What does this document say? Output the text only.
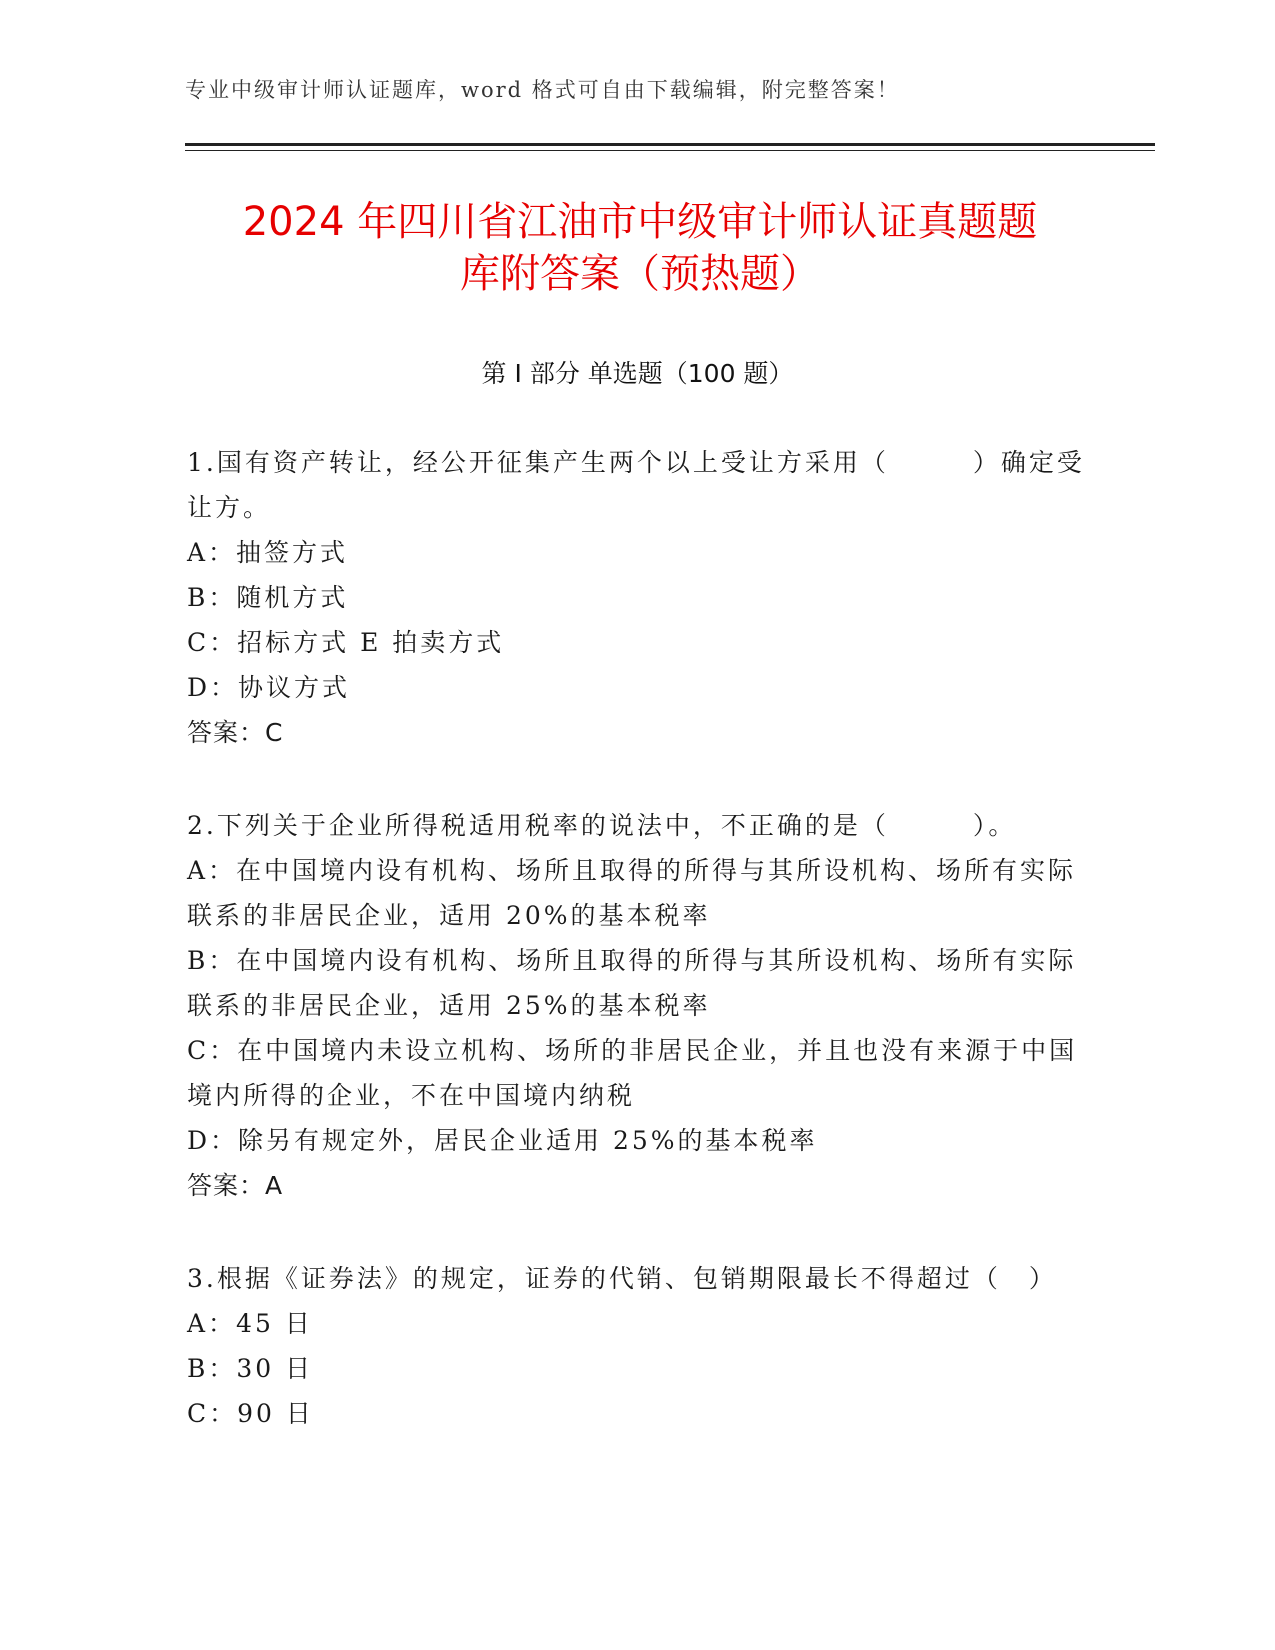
专业中级审计师认证题库，word 格式可自由下载编辑，附完整答案！
2024 年四川省江油市中级审计师认证真题题
库附答案（预热题）
第 I 部分 单选题（100 题）

1.国有资产转让，经公开征集产生两个以上受让方采用（　　　）确定受让方。

A：抽签方式

B：随机方式

C：招标方式 E 拍卖方式

D：协议方式

答案：C

2.下列关于企业所得税适用税率的说法中，不正确的是（　　　）。

A：在中国境内设有机构、场所且取得的所得与其所设机构、场所有实际联系的非居民企业，适用 20%的基本税率

B：在中国境内设有机构、场所且取得的所得与其所设机构、场所有实际联系的非居民企业，适用 25%的基本税率

C：在中国境内未设立机构、场所的非居民企业，并且也没有来源于中国境内所得的企业，不在中国境内纳税

D：除另有规定外，居民企业适用 25%的基本税率

答案：A

3.根据《证券法》的规定，证券的代销、包销期限最长不得超过（　）

A：45 日

B：30 日

C：90 日
